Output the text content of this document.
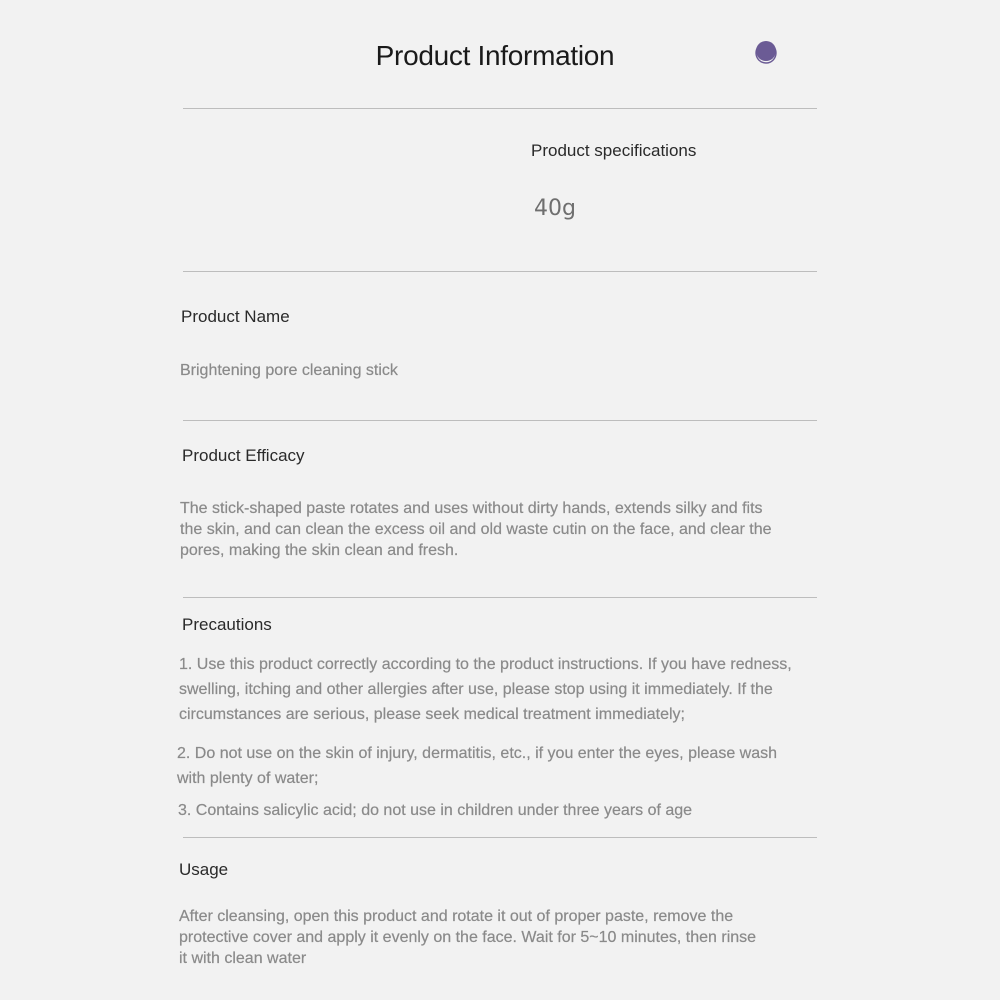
Product Information
Product specifications
40g
Product Name
Brightening pore cleaning stick
Product Efficacy
The stick-shaped paste rotates and uses without dirty hands, extends silky and fits
the skin, and can clean the excess oil and old waste cutin on the face, and clear the
pores, making the skin clean and fresh.
Precautions
1. Use this product correctly according to the product instructions. If you have redness,
swelling, itching and other allergies after use, please stop using it immediately. If the
circumstances are serious, please seek medical treatment immediately;
2. Do not use on the skin of injury, dermatitis, etc., if you enter the eyes, please wash
with plenty of water;
3. Contains salicylic acid; do not use in children under three years of age
Usage
After cleansing, open this product and rotate it out of proper paste, remove the
protective cover and apply it evenly on the face. Wait for 5~10 minutes, then rinse
it with clean water
